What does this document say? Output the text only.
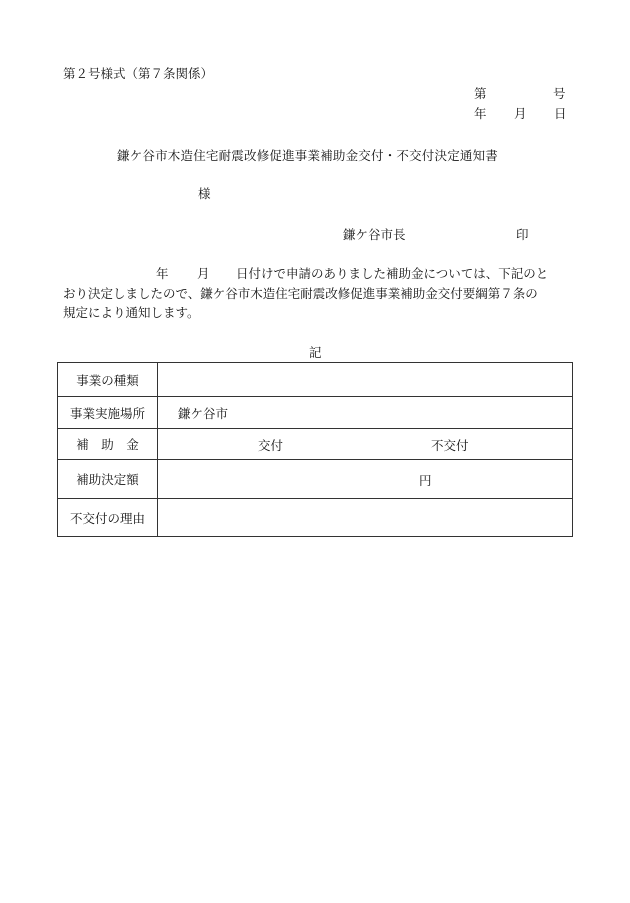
第２号様式（第７条関係）
第	号
年 月 日
鎌ケ谷市木造住宅耐震改修促進事業補助金交付・不交付決定通知書
様
鎌ケ谷市長	印
年 月 日付けで申請のありました補助金については、下記のと
おり決定しましたので、鎌ケ谷市木造住宅耐震改修促進事業補助金交付要綱第７条の
規定により通知します。
記
事業の種類	
事業実施場所	鎌ケ谷市
補　助　金	交付 不交付

補助決定額	円

不交付の理由	
